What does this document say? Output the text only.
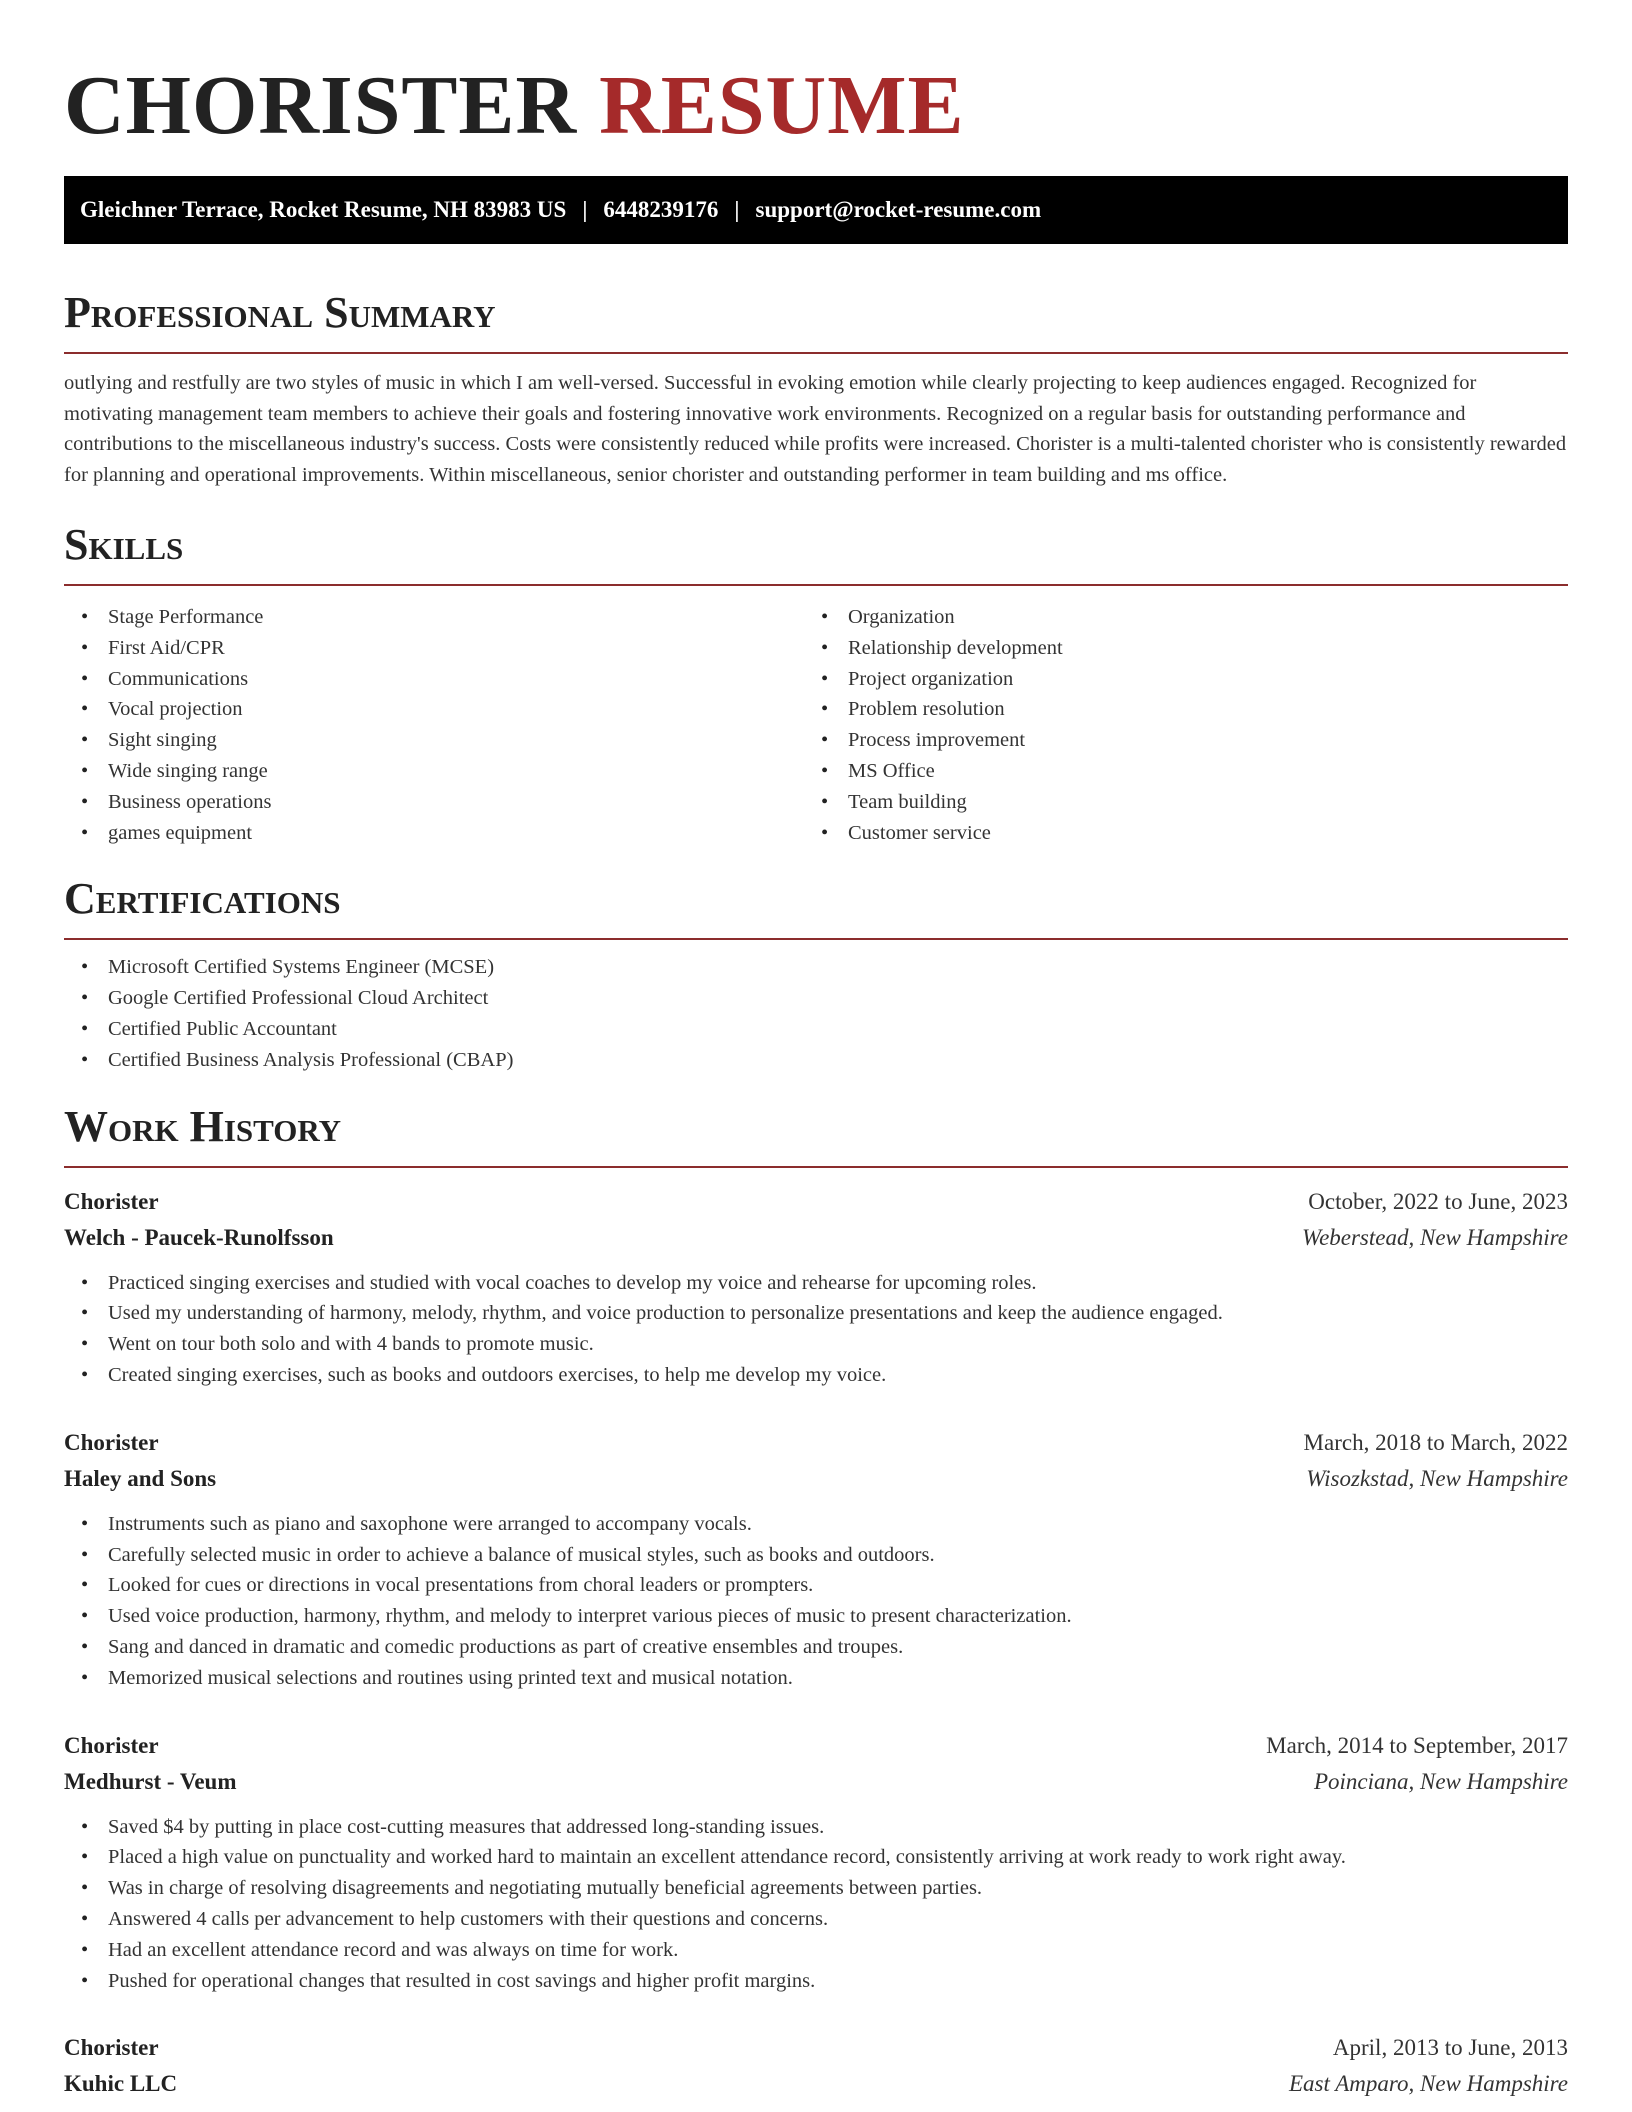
CHORISTER RESUME
Gleichner Terrace, Rocket Resume, NH 83983 US | 6448239176 | support@rocket-resume.com
Professional Summary

outlying and restfully are two styles of music in which I am well-versed. Successful in evoking emotion while clearly projecting to keep audiences engaged. Recognized for motivating management team members to achieve their goals and fostering innovative work environments. Recognized on a regular basis for outstanding performance and contributions to the miscellaneous industry's success. Costs were consistently reduced while profits were increased. Chorister is a multi-talented chorister who is consistently rewarded for planning and operational improvements. Within miscellaneous, senior chorister and outstanding performer in team building and ms office.

Skills
• Stage Performance
• First Aid/CPR
• Communications
• Vocal projection
• Sight singing
• Wide singing range
• Business operations
• games equipment
• Organization
• Relationship development
• Project organization
• Problem resolution
• Process improvement
• MS Office
• Team building
• Customer service
Certifications
• Microsoft Certified Systems Engineer (MCSE)
• Google Certified Professional Cloud Architect
• Certified Public Accountant
• Certified Business Analysis Professional (CBAP)
Work History
Chorister	October, 2022 to June, 2023
Welch - Paucek-Runolfsson	Weberstead, New Hampshire
• Practiced singing exercises and studied with vocal coaches to develop my voice and rehearse for upcoming roles.
• Used my understanding of harmony, melody, rhythm, and voice production to personalize presentations and keep the audience engaged.
• Went on tour both solo and with 4 bands to promote music.
• Created singing exercises, such as books and outdoors exercises, to help me develop my voice.
Chorister	March, 2018 to March, 2022
Haley and Sons	Wisozkstad, New Hampshire
• Instruments such as piano and saxophone were arranged to accompany vocals.
• Carefully selected music in order to achieve a balance of musical styles, such as books and outdoors.
• Looked for cues or directions in vocal presentations from choral leaders or prompters.
• Used voice production, harmony, rhythm, and melody to interpret various pieces of music to present characterization.
• Sang and danced in dramatic and comedic productions as part of creative ensembles and troupes.
• Memorized musical selections and routines using printed text and musical notation.
Chorister	March, 2014 to September, 2017
Medhurst - Veum	Poinciana, New Hampshire
• Saved $4 by putting in place cost-cutting measures that addressed long-standing issues.
• Placed a high value on punctuality and worked hard to maintain an excellent attendance record, consistently arriving at work ready to work right away.
• Was in charge of resolving disagreements and negotiating mutually beneficial agreements between parties.
• Answered 4 calls per advancement to help customers with their questions and concerns.
• Had an excellent attendance record and was always on time for work.
• Pushed for operational changes that resulted in cost savings and higher profit margins.
Chorister	April, 2013 to June, 2013
Kuhic LLC	East Amparo, New Hampshire
